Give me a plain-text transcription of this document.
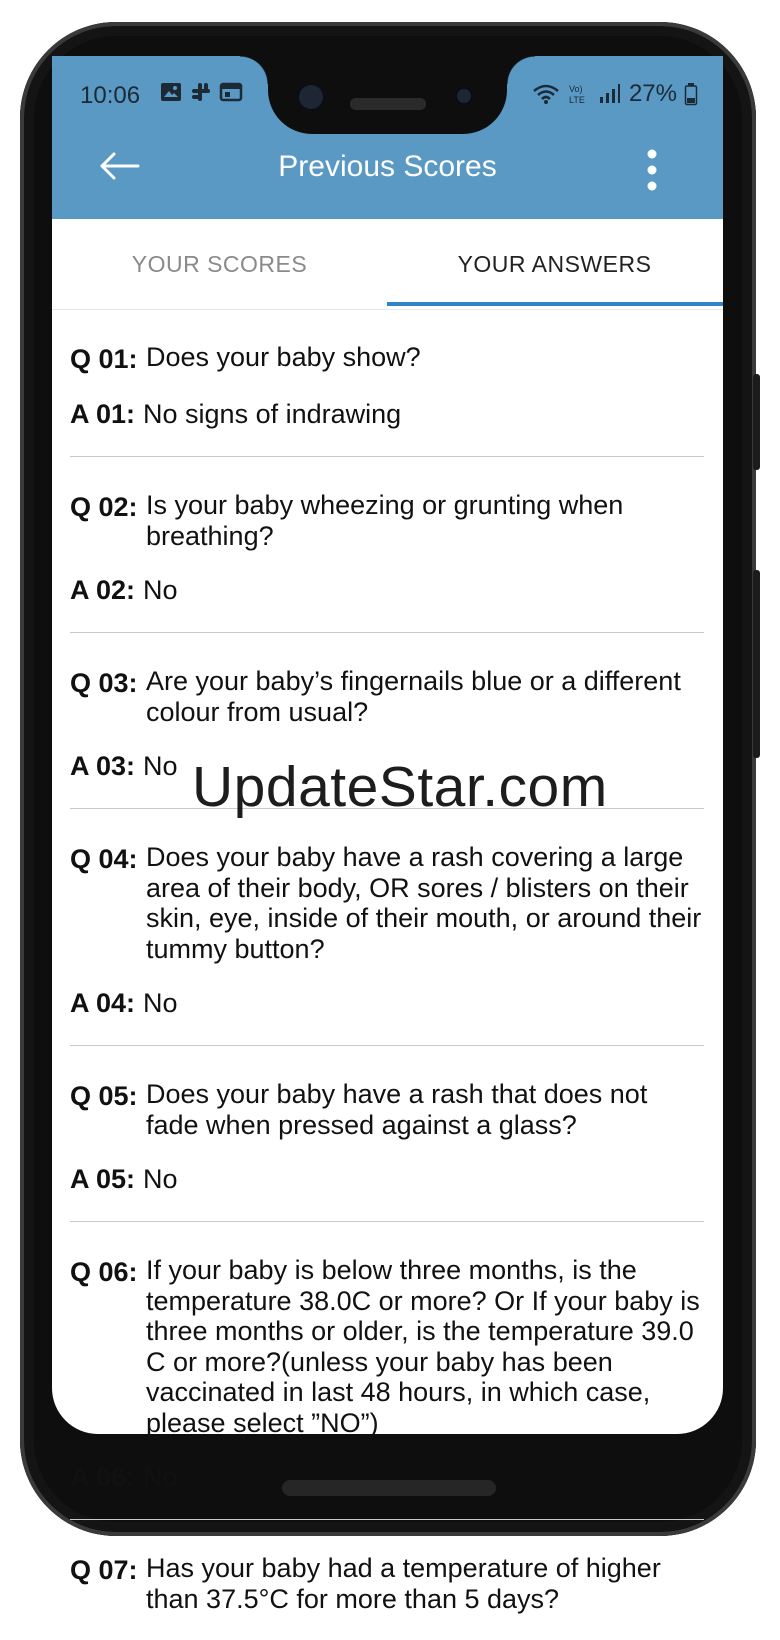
10:06	Vo)
LTE 27%
Previous Scores
YOUR SCORES	YOUR ANSWERS
Q 01: Does your baby show?
A 01: No signs of indrawing
Q 02: Is your baby wheezing or grunting when breathing?
A 02: No
Q 03: Are your baby’s fingernails blue or a different colour from usual?
A 03: No
Q 04: Does your baby have a rash covering a large area of their body, OR sores / blisters on their skin, eye, inside of their mouth, or around their tummy button?
A 04: No
Q 05: Does your baby have a rash that does not fade when pressed against a glass?
A 05: No
Q 06: If your baby is below three months, is the temperature 38.0C or more? Or If your baby is three months or older, is the temperature 39.0 C or more?(unless your baby has been vaccinated in last 48 hours, in which case, please select ”NO”)
A 06: No
Q 07: Has your baby had a temperature of higher than 37.5°C for more than 5 days?
UpdateStar.com
